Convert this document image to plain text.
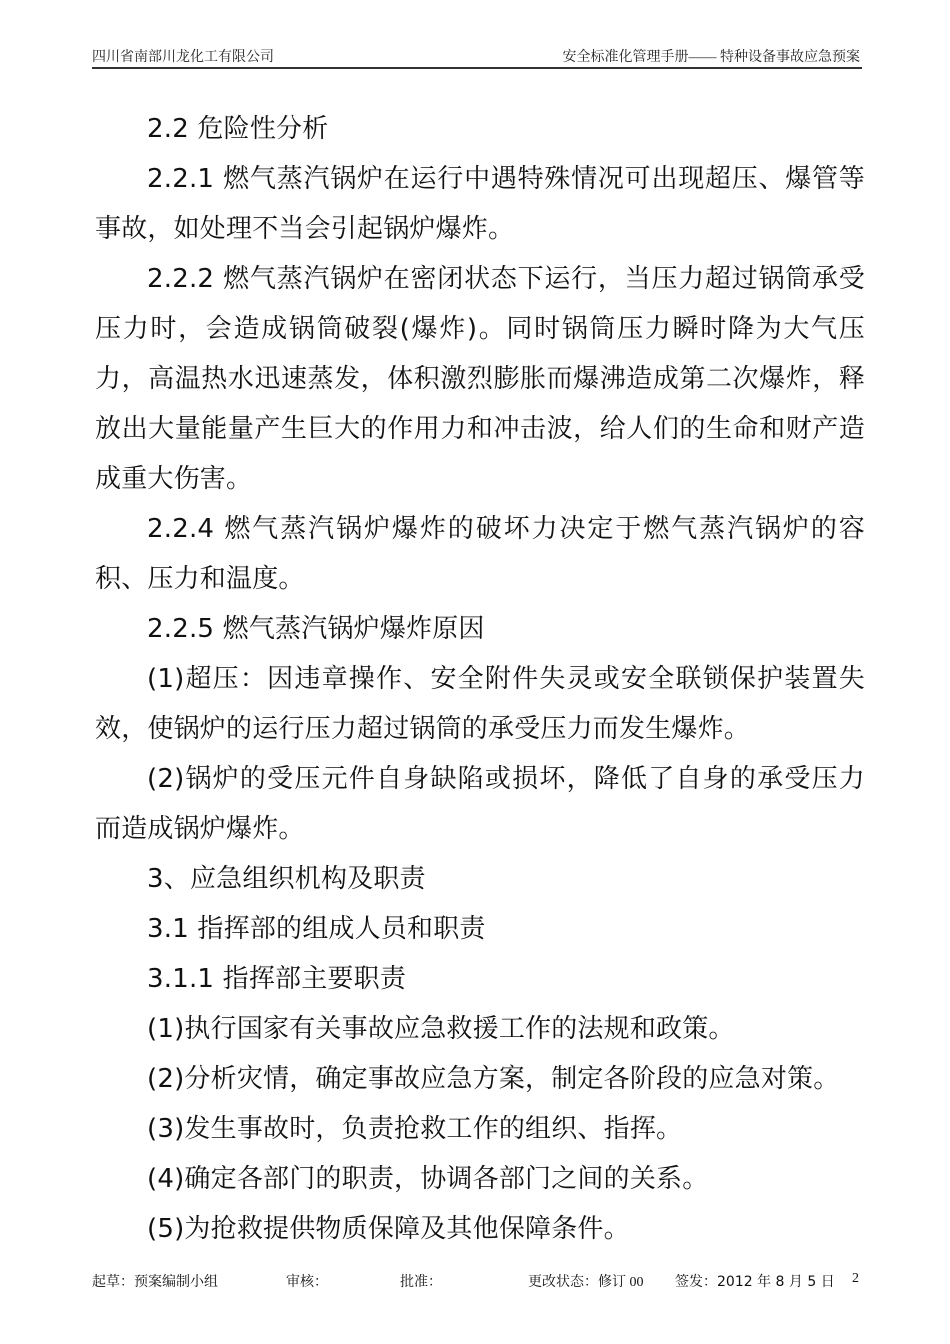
四川省南部川龙化工有限公司	安全标准化管理手册—— 特种设备事故应急预案

2.2 危险性分析

2.2.1 燃气蒸汽锅炉在运行中遇特殊情况可出现超压、爆管等事故，如处理不当会引起锅炉爆炸。

2.2.2 燃气蒸汽锅炉在密闭状态下运行，当压力超过锅筒承受压力时，会造成锅筒破裂(爆炸)。同时锅筒压力瞬时降为大气压力，高温热水迅速蒸发，体积激烈膨胀而爆沸造成第二次爆炸，释放出大量能量产生巨大的作用力和冲击波，给人们的生命和财产造成重大伤害。

2.2.4 燃气蒸汽锅炉爆炸的破坏力决定于燃气蒸汽锅炉的容积、压力和温度。

2.2.5 燃气蒸汽锅炉爆炸原因

(1)超压：因违章操作、安全附件失灵或安全联锁保护装置失效，使锅炉的运行压力超过锅筒的承受压力而发生爆炸。

(2)锅炉的受压元件自身缺陷或损坏，降低了自身的承受压力而造成锅炉爆炸。

3、应急组织机构及职责

3.1 指挥部的组成人员和职责

3.1.1 指挥部主要职责

(1)执行国家有关事故应急救援工作的法规和政策。

(2)分析灾情，确定事故应急方案，制定各阶段的应急对策。

(3)发生事故时，负责抢救工作的组织、指挥。

(4)确定各部门的职责，协调各部门之间的关系。

(5)为抢救提供物质保障及其他保障条件。

起草：预案编制小组	审核：	批准：	更改状态：修订 00 签发：2012 年 8 月 5 日 2
